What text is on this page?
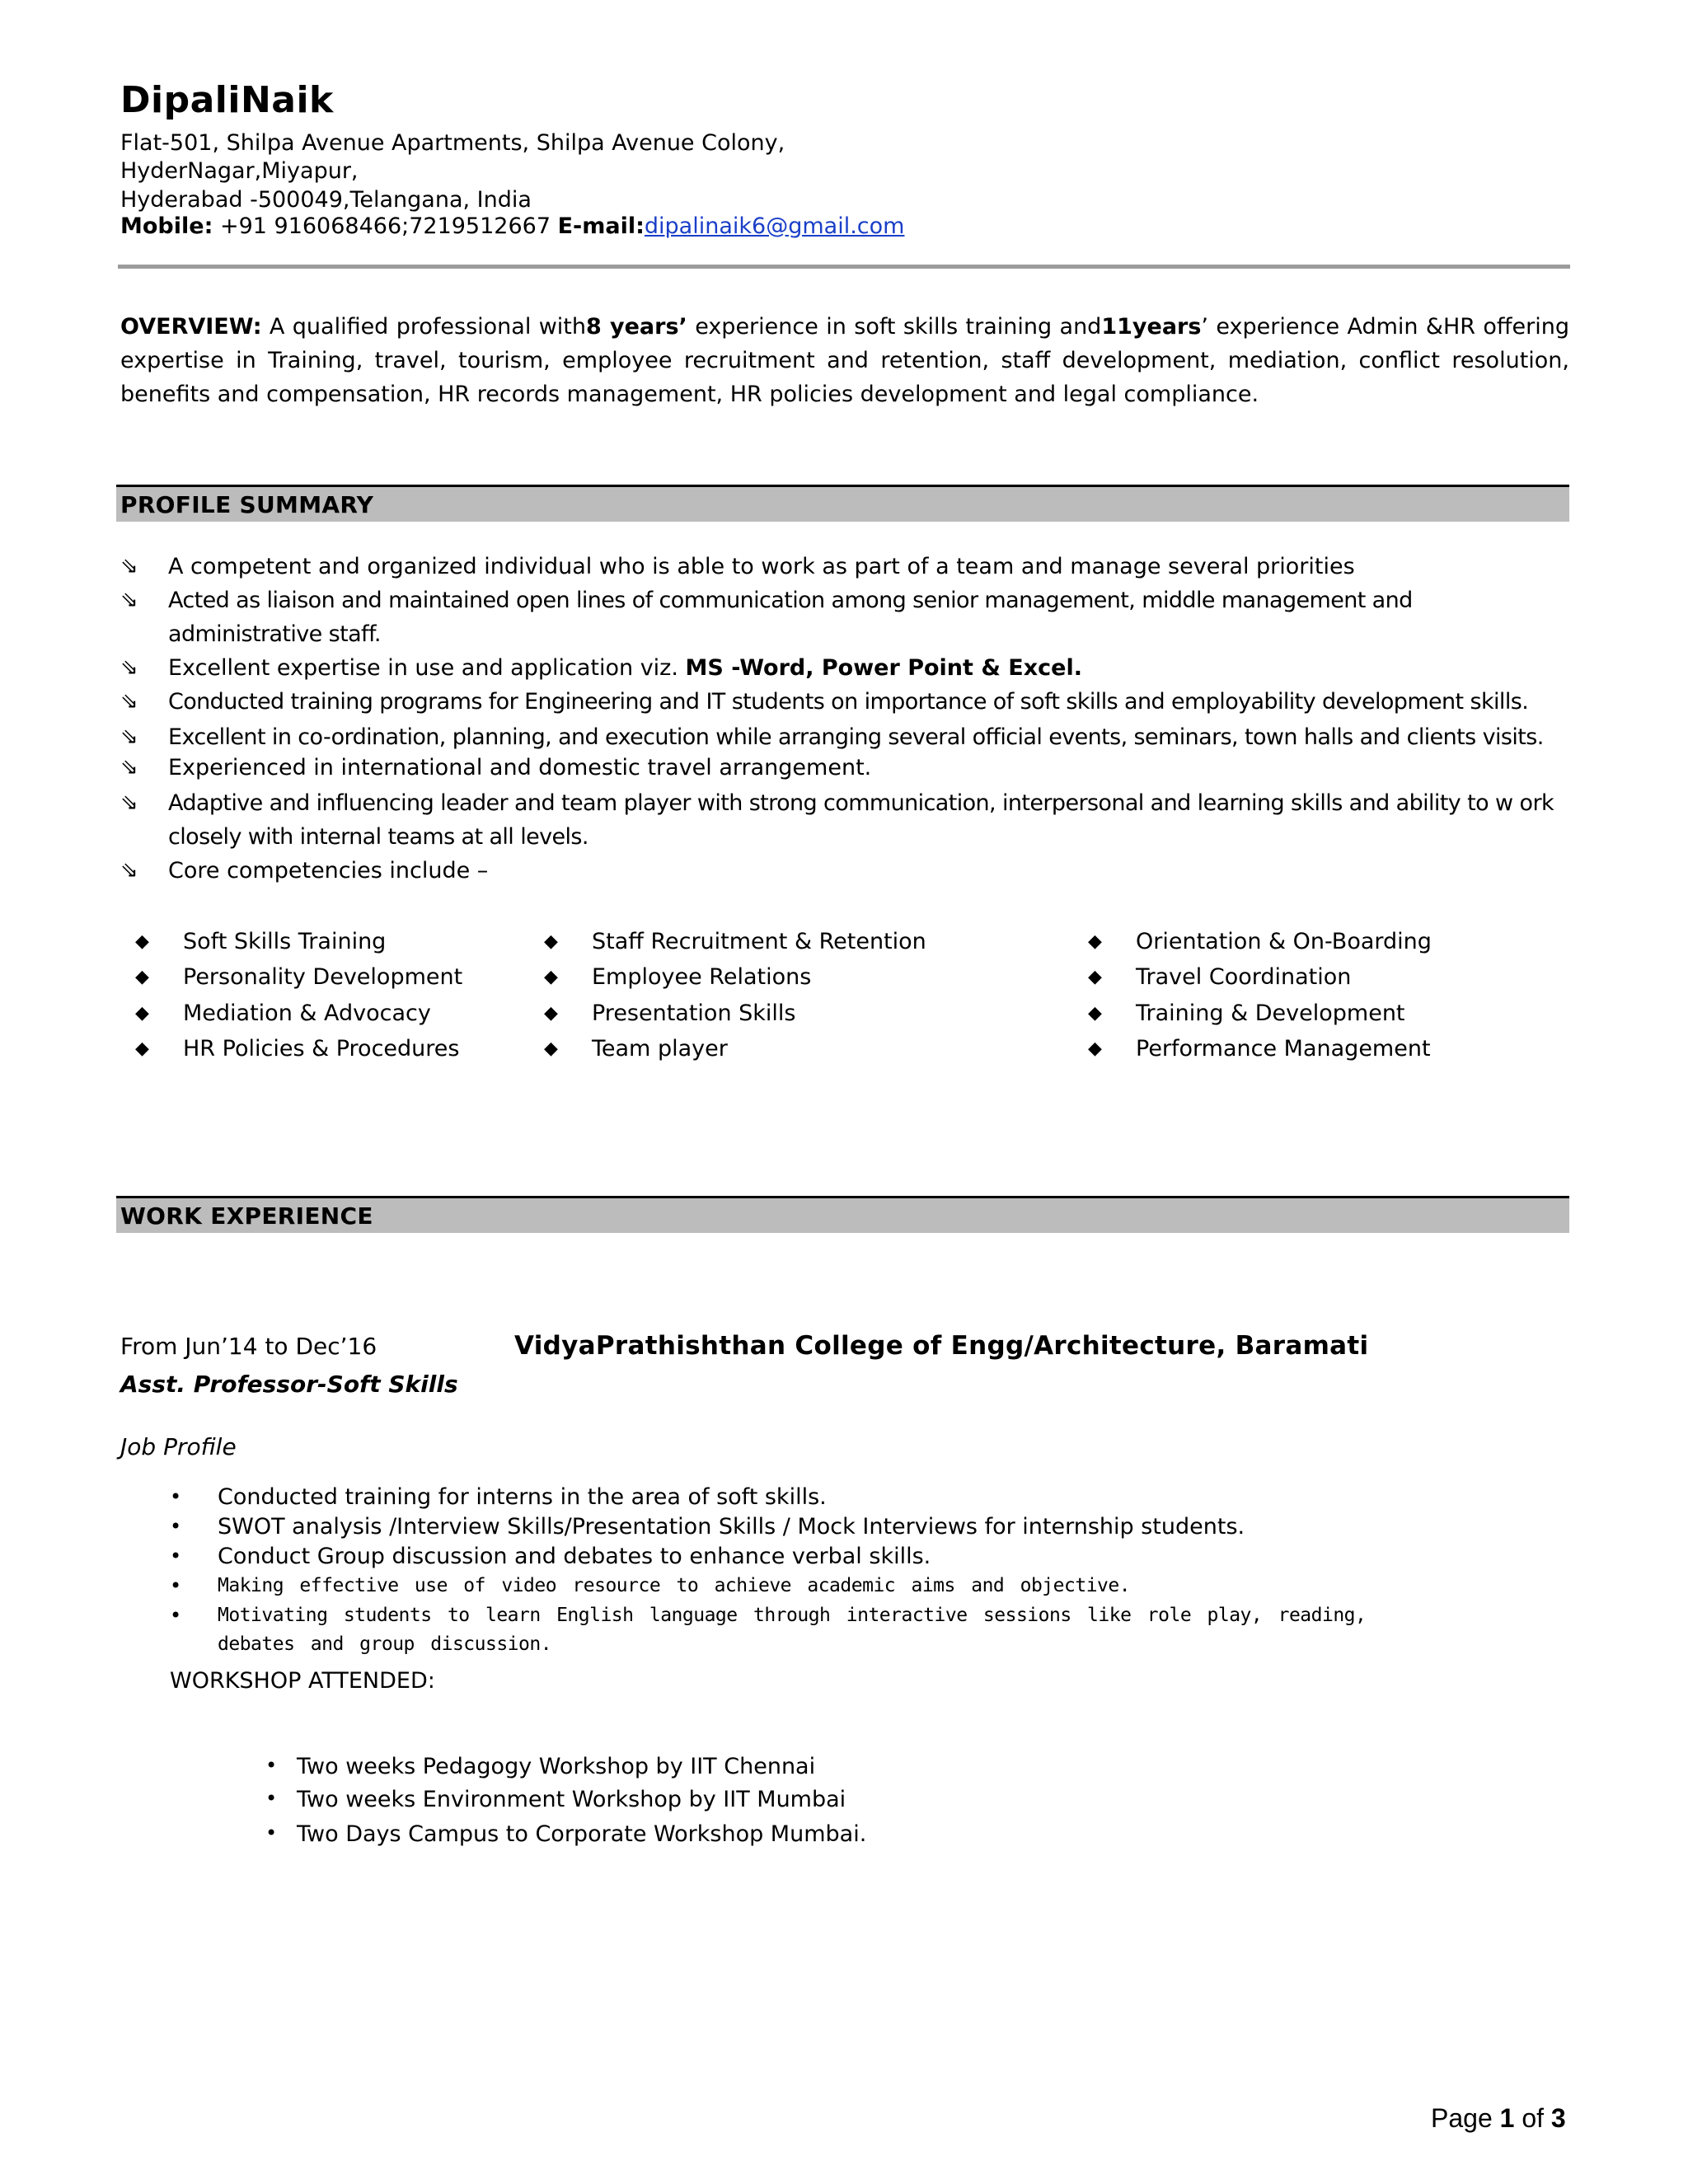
DipaliNaik
Flat-501, Shilpa Avenue Apartments, Shilpa Avenue Colony,
HyderNagar,Miyapur,
Hyderabad -500049,Telangana, India
Mobile: +91 916068466;7219512667 E-mail:dipalinaik6@gmail.com
OVERVIEW: A qualified professional with8 years’ experience in soft skills training and11years’ experience Admin &HR offering expertise in Training, travel, tourism, employee recruitment and retention, staff development, mediation, conflict resolution, benefits and compensation, HR records management, HR policies development and legal compliance.
PROFILE SUMMARY
⇘	A competent and organized individual who is able to work as part of a team and manage several priorities
⇘	Acted as liaison and maintained open lines of communication among senior management, middle management and administrative staff.
⇘	Excellent expertise in use and application viz. MS -Word, Power Point & Excel.
⇘	Conducted training programs for Engineering and IT students on importance of soft skills and employability development skills.
⇘	Excellent in co-ordination, planning, and execution while arranging several official events, seminars, town halls and clients visits.
⇘	Experienced in international and domestic travel arrangement.
⇘	Adaptive and influencing leader and team player with strong communication, interpersonal and learning skills and ability to w ork closely with internal teams at all levels.
⇘	Core competencies include –
◆ Soft Skills Training
◆ Personality Development
◆ Mediation & Advocacy
◆ HR Policies & Procedures
◆ Staff Recruitment & Retention
◆ Employee Relations
◆ Presentation Skills
◆ Team player
◆ Orientation & On-Boarding
◆ Travel Coordination
◆ Training & Development
◆ Performance Management
WORK EXPERIENCE
From Jun’14 to Dec’16	VidyaPrathishthan College of Engg/Architecture, Baramati
Asst. Professor-Soft Skills
Job Profile
• Conducted training for interns in the area of soft skills.
• SWOT analysis /Interview Skills/Presentation Skills / Mock Interviews for internship students.
• Conduct Group discussion and debates to enhance verbal skills.
• Making effective use of video resource to achieve academic aims and objective.
• Motivating students to learn English language through interactive sessions like role play, reading, debates and group discussion.
WORKSHOP ATTENDED:
• Two weeks Pedagogy Workshop by IIT Chennai
• Two weeks Environment Workshop by IIT Mumbai
• Two Days Campus to Corporate Workshop Mumbai.
Page 1 of 3
